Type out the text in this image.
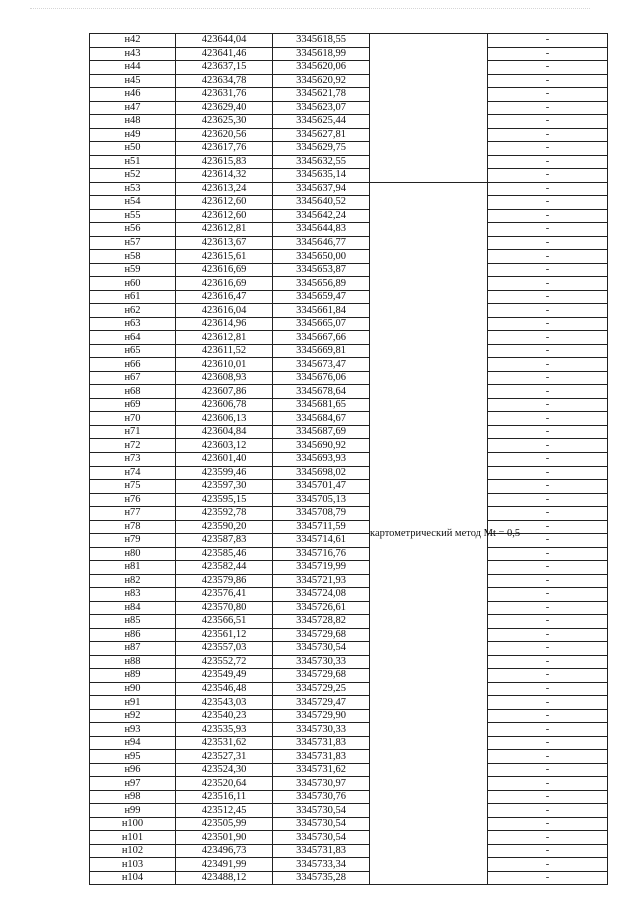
н42	423644,04	3345618,55		-
н43	423641,46	3345618,99		-
н44	423637,15	3345620,06		-
н45	423634,78	3345620,92		-
н46	423631,76	3345621,78		-
н47	423629,40	3345623,07		-
н48	423625,30	3345625,44		-
н49	423620,56	3345627,81		-
н50	423617,76	3345629,75		-
н51	423615,83	3345632,55		-
н52	423614,32	3345635,14		-
н53	423613,24	3345637,94	картометрический метод Mt = 0,5	-
н54	423612,60	3345640,52		-
н55	423612,60	3345642,24		-
н56	423612,81	3345644,83		-
н57	423613,67	3345646,77		-
н58	423615,61	3345650,00		-
н59	423616,69	3345653,87		-
н60	423616,69	3345656,89		-
н61	423616,47	3345659,47		-
н62	423616,04	3345661,84		-
н63	423614,96	3345665,07		-
н64	423612,81	3345667,66		-
н65	423611,52	3345669,81		-
н66	423610,01	3345673,47		-
н67	423608,93	3345676,06		-
н68	423607,86	3345678,64		-
н69	423606,78	3345681,65		-
н70	423606,13	3345684,67		-
н71	423604,84	3345687,69		-
н72	423603,12	3345690,92		-
н73	423601,40	3345693,93		-
н74	423599,46	3345698,02		-
н75	423597,30	3345701,47		-
н76	423595,15	3345705,13		-
н77	423592,78	3345708,79		-
н78	423590,20	3345711,59		-
н79	423587,83	3345714,61		-
н80	423585,46	3345716,76		-
н81	423582,44	3345719,99		-
н82	423579,86	3345721,93		-
н83	423576,41	3345724,08		-
н84	423570,80	3345726,61		-
н85	423566,51	3345728,82		-
н86	423561,12	3345729,68		-
н87	423557,03	3345730,54		-
н88	423552,72	3345730,33		-
н89	423549,49	3345729,68		-
н90	423546,48	3345729,25		-
н91	423543,03	3345729,47		-
н92	423540,23	3345729,90		-
н93	423535,93	3345730,33		-
н94	423531,62	3345731,83		-
н95	423527,31	3345731,83		-
н96	423524,30	3345731,62		-
н97	423520,64	3345730,97		-
н98	423516,11	3345730,76		-
н99	423512,45	3345730,54		-
н100	423505,99	3345730,54		-
н101	423501,90	3345730,54		-
н102	423496,73	3345731,83		-
н103	423491,99	3345733,34		-
н104	423488,12	3345735,28		-
